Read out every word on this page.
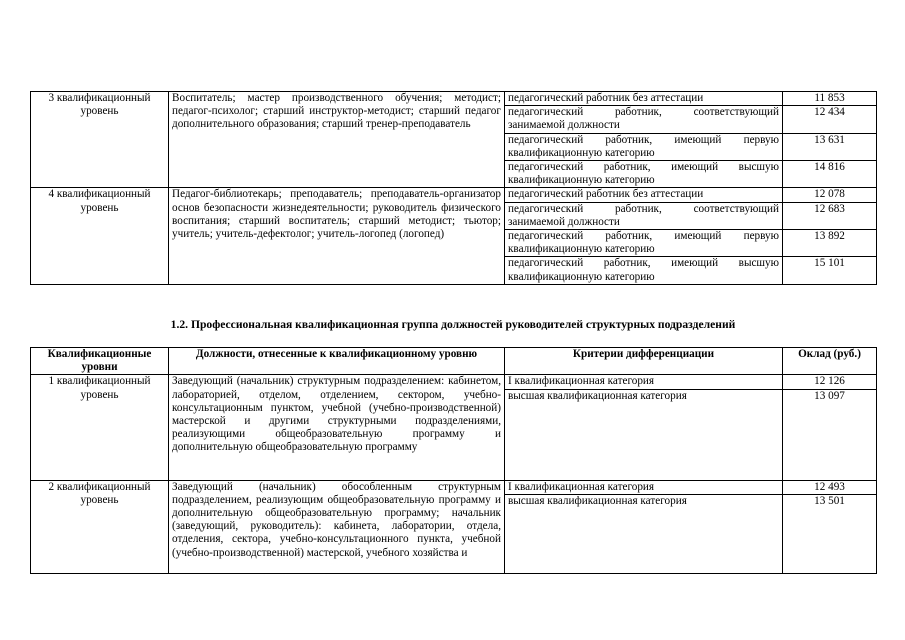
3 квалификационный уровень	Воспитатель; мастер производственного обучения; методист; педагог-психолог; старший инструктор-методист; старший педагог дополнительного образования; старший тренер-преподаватель	педагогический работник без аттестации	11 853
		педагогический работник, соответствующий занимаемой должности	12 434
		педагогический работник, имеющий первую квалификационную категорию	13 631
		педагогический работник, имеющий высшую квалификационную категорию	14 816
4 квалификационный уровень	Педагог-библиотекарь; преподаватель; преподаватель-организатор основ безопасности жизнедеятельности; руководитель физического воспитания; старший воспитатель; старший методист; тьютор; учитель; учитель-дефектолог; учитель-логопед (логопед)	педагогический работник без аттестации	12 078
		педагогический работник, соответствующий занимаемой должности	12 683
		педагогический работник, имеющий первую квалификационную категорию	13 892
		педагогический работник, имеющий высшую квалификационную категорию	15 101
1.2. Профессиональная квалификационная группа должностей руководителей структурных подразделений
Квалификационные уровни	Должности, отнесенные к квалификационному уровню	Критерии дифференциации	Оклад (руб.)
1 квалификационный уровень	Заведующий (начальник) структурным подразделением: кабинетом, лабораторией, отделом, отделением, сектором, учебно-консультационным пунктом, учебной (учебно-производственной) мастерской и другими структурными подразделениями, реализующими общеобразовательную программу и дополнительную общеобразовательную программу	I квалификационная категория	12 126
		высшая квалификационная категория	13 097
2 квалификационный уровень	Заведующий (начальник) обособленным структурным подразделением, реализующим общеобразовательную программу и дополнительную общеобразовательную программу; начальник (заведующий, руководитель): кабинета, лаборатории, отдела, отделения, сектора, учебно-консультационного пункта, учебной (учебно-производственной) мастерской, учебного хозяйства и	I квалификационная категория	12 493
		высшая квалификационная категория	13 501
